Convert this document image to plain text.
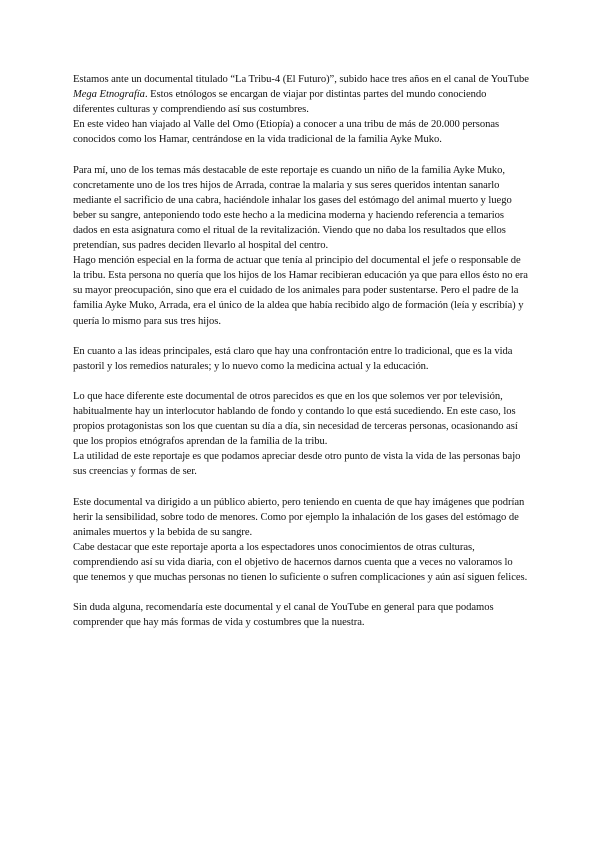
Estamos ante un documental titulado “La Tribu-4 (El Futuro)”, subido hace tres años en el canal de YouTube Mega Etnografía. Estos etnólogos se encargan de viajar por distintas partes del mundo conociendo diferentes culturas y comprendiendo así sus costumbres.
En este video han viajado al Valle del Omo (Etiopía) a conocer a una tribu de más de 20.000 personas conocidos como los Hamar, centrándose en la vida tradicional de la familia Ayke Muko.
Para mí, uno de los temas más destacable de este reportaje es cuando un niño de la familia Ayke Muko, concretamente uno de los tres hijos de Arrada, contrae la malaria y sus seres queridos intentan sanarlo mediante el sacrificio de una cabra, haciéndole inhalar los gases del estómago del animal muerto y luego beber su sangre, anteponiendo todo este hecho a la medicina moderna y haciendo referencia a temarios dados en esta asignatura como el ritual de la revitalización. Viendo que no daba los resultados que ellos pretendían, sus padres deciden llevarlo al hospital del centro.
Hago mención especial en la forma de actuar que tenía al principio del documental el jefe o responsable de la tribu. Esta persona no quería que los hijos de los Hamar recibieran educación ya que para ellos ésto no era su mayor preocupación, sino que era el cuidado de los animales para poder sustentarse. Pero el padre de la familia Ayke Muko, Arrada, era el único de la aldea que había recibido algo de formación (leía y escribía) y quería lo mismo para sus tres hijos.
En cuanto a las ideas principales, está claro que hay una confrontación entre lo tradicional, que es la vida pastoril y los remedios naturales; y lo nuevo como la medicina actual y la educación.
Lo que hace diferente este documental de otros parecidos es que en los que solemos ver por televisión, habitualmente hay un interlocutor hablando de fondo y contando lo que está sucediendo. En este caso, los propios protagonistas son los que cuentan su día a día, sin necesidad de terceras personas, ocasionando así que los propios etnógrafos aprendan de la familia de la tribu.
La utilidad de este reportaje es que podamos apreciar desde otro punto de vista la vida de las personas bajo sus creencias y formas de ser.
Este documental va dirigido a un público abierto, pero teniendo en cuenta de que hay imágenes que podrían herir la sensibilidad, sobre todo de menores. Como por ejemplo la inhalación de los gases del estómago de animales muertos y la bebida de su sangre.
Cabe destacar que este reportaje aporta a los espectadores unos conocimientos de otras culturas, comprendiendo así su vida diaria, con el objetivo de hacernos darnos cuenta que a veces no valoramos lo que tenemos y que muchas personas no tienen lo suficiente o sufren complicaciones y aún así siguen felices.
Sin duda alguna, recomendaría este documental y el canal de YouTube en general para que podamos comprender que hay más formas de vida y costumbres que la nuestra.
